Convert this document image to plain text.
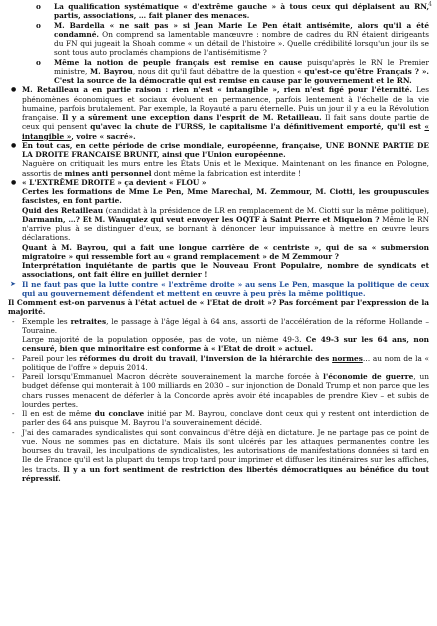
4

o La qualification systématique « d'extrême gauche » à tous ceux qui déplaisent au RN, partis, associations, … fait planer des menaces.

o M. Bardella « ne sait pas » si Jean Marie Le Pen était antisémite, alors qu'il a été condamné. On comprend sa lamentable manœuvre : nombre de cadres du RN étaient dirigeants du FN qui jugeait la Shoah comme « un détail de l'histoire ». Quelle crédibilité lorsqu'un jour ils se sont tous auto proclamés champions de l'antisémitisme ?

o Même la notion de peuple français est remise en cause puisqu'après le RN le Premier ministre, M. Bayrou, nous dit qu'il faut débattre de la question « qu'est-ce qu'être Français ? ». C'est la source de la démocratie qui est remise en cause par le gouvernement et le RN.

● M. Retailleau a en partie raison : rien n'est « intangible », rien n'est figé pour l'éternité. Les phénomènes économiques et sociaux évoluent en permanence, parfois lentement à l'échelle de la vie humaine, parfois brutalement. Par exemple, la Royauté a paru éternelle. Puis un jour il y a eu la Révolution française. Il y a sûrement une exception dans l'esprit de M. Retailleau. Il fait sans doute partie de ceux qui pensent qu'avec la chute de l'URSS, le capitalisme l'a définitivement emporté, qu'il est « intangible », voire « sacré».

● En tout cas, en cette période de crise mondiale, européenne, française, UNE BONNE PARTIE DE LA DROITE FRANCAISE BRUNIT, ainsi que l'Union européenne.

Naguère on critiquait les murs entre les États Unis et le Mexique. Maintenant on les finance en Pologne, assortis de mines anti personnel dont même la fabrication est interdite !

● « L'EXTRÊME DROITE » ça devient « FLOU »

Certes les formations de Mme Le Pen, Mme Marechal, M. Zemmour, M. Ciotti, les groupuscules fascistes, en font partie.

Quid des Retailleau (candidat à la présidence de LR en remplacement de M. Ciotti sur la même politique), Darmanin, …? Et M. Wauquiez qui veut envoyer les OQTF à Saint Pierre et Miquelon ? Même le RN n'arrive plus à se distinguer d'eux, se bornant à dénoncer leur impuissance à mettre en œuvre leurs déclarations.

Quant à M. Bayrou, qui a fait une longue carrière de « centriste », qui de sa « submersion migratoire » qui ressemble fort au « grand remplacement » de M Zemmour ?

Interprétation inquiétante de partis que le Nouveau Front Populaire, nombre de syndicats et associations, ont fait élire en juillet dernier !

➤ Il ne faut pas que la lutte contre « l'extrême droite » au sens Le Pen, masque la politique de ceux qui au gouvernement défendent et mettent en œuvre à peu près la même politique.

Il Comment est-on parvenus à l'état actuel de « l'Etat de droit »? Pas forcément par l'expression de la majorité.

- Exemple les retraites, le passage à l'âge légal à 64 ans, assorti de l'accélération de la réforme Hollande – Touraine.
Large majorité de la population opposée, pas de vote, un nième 49-3. Ce 49-3 sur les 64 ans, non censuré, bien que minoritaire est conforme à « l'Etat de droit » actuel.

- Pareil pour les réformes du droit du travail, l'inversion de la hiérarchie des normes… au nom de la « politique de l'offre » depuis 2014.

- Pareil lorsqu'Emmanuel Macron décrète souverainement la marche forcée à l'économie de guerre, un budget défense qui monterait à 100 milliards en 2030 – sur injonction de Donald Trump et non parce que les chars russes menacent de déferler à la Concorde après avoir été incapables de prendre Kiev – et subis de lourdes pertes.

- Il en est de même du conclave initié par M. Bayrou, conclave dont ceux qui y restent ont interdiction de parler des 64 ans puisque M. Bayrou l'a souverainement décidé.

- J'ai des camarades syndicalistes qui sont convaincus d'être déjà en dictature. Je ne partage pas ce point de vue. Nous ne sommes pas en dictature. Mais ils sont ulcérés par les attaques permanentes contre les bourses du travail, les inculpations de syndicalistes, les autorisations de manifestations données si tard en Ile de France qu'il est la plupart du temps trop tard pour imprimer et diffuser les itinéraires sur les affiches, les tracts. Il y a un fort sentiment de restriction des libertés démocratiques au bénéfice du tout répressif.
